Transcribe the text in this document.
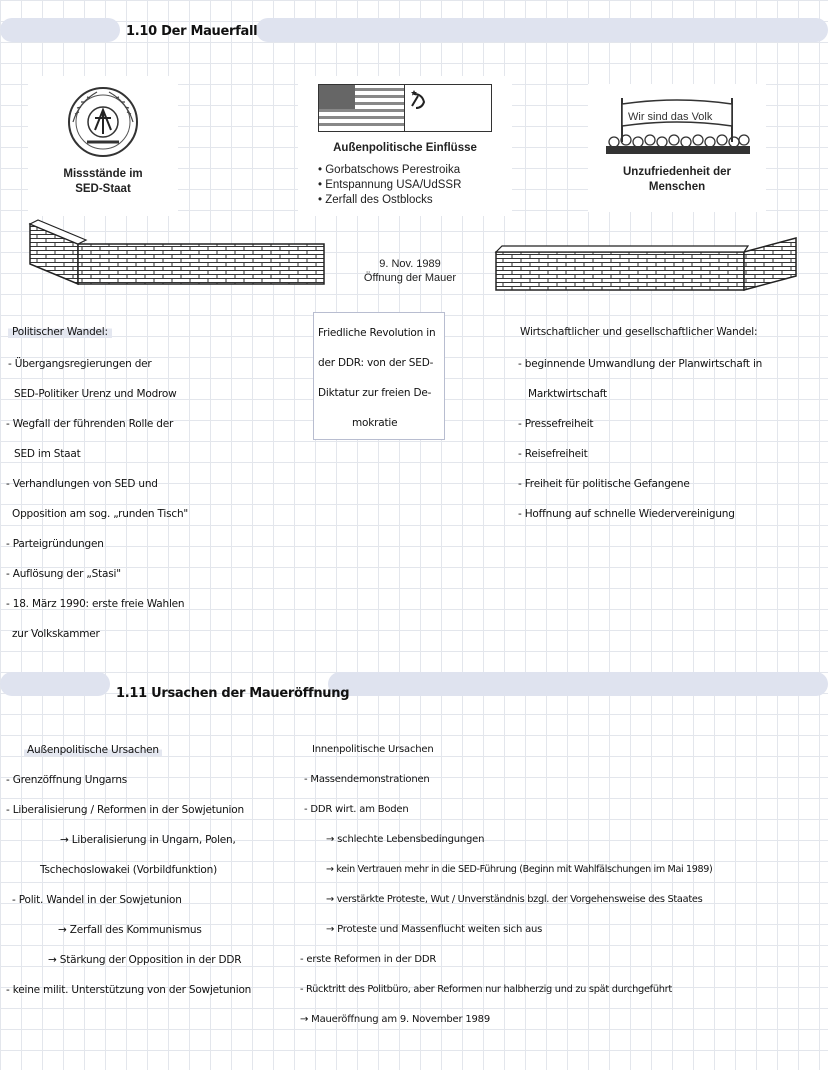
1.10 Der Mauerfall
Missstände im
SED-Staat
Außenpolitische Einflüsse
• Gorbatschows Perestroika
• Entspannung USA/UdSSR
• Zerfall des Ostblocks
Wir sind das Volk
Unzufriedenheit der
Menschen
9. Nov. 1989
Öffnung der Mauer
Politischer Wandel:
- Übergangsregierungen der
SED-Politiker Urenz und Modrow
- Wegfall der führenden Rolle der
SED im Staat
- Verhandlungen von SED und
Opposition am sog. „runden Tisch"
- Parteigründungen
- Auflösung der „Stasi"
- 18. März 1990: erste freie Wahlen
zur Volkskammer
Friedliche Revolution in
der DDR: von der SED-
Diktatur zur freien De-
mokratie
Wirtschaftlicher und gesellschaftlicher Wandel:
- beginnende Umwandlung der Planwirtschaft in
Marktwirtschaft
- Pressefreiheit
- Reisefreiheit
- Freiheit für politische Gefangene
- Hoffnung auf schnelle Wiedervereinigung
1.11 Ursachen der Maueröffnung
Außenpolitische Ursachen
- Grenzöffnung Ungarns
- Liberalisierung / Reformen in der Sowjetunion
→ Liberalisierung in Ungarn, Polen,
Tschechoslowakei (Vorbildfunktion)
- Polit. Wandel in der Sowjetunion
→ Zerfall des Kommunismus
→ Stärkung der Opposition in der DDR
- keine milit. Unterstützung von der Sowjetunion
Innenpolitische Ursachen
- Massendemonstrationen
- DDR wirt. am Boden
→ schlechte Lebensbedingungen
→ kein Vertrauen mehr in die SED-Führung (Beginn mit Wahlfälschungen im Mai 1989)
→ verstärkte Proteste, Wut / Unverständnis bzgl. der Vorgehensweise des Staates
→ Proteste und Massenflucht weiten sich aus
- erste Reformen in der DDR
- Rücktritt des Politbüro, aber Reformen nur halbherzig und zu spät durchgeführt
→ Maueröffnung am 9. November 1989
